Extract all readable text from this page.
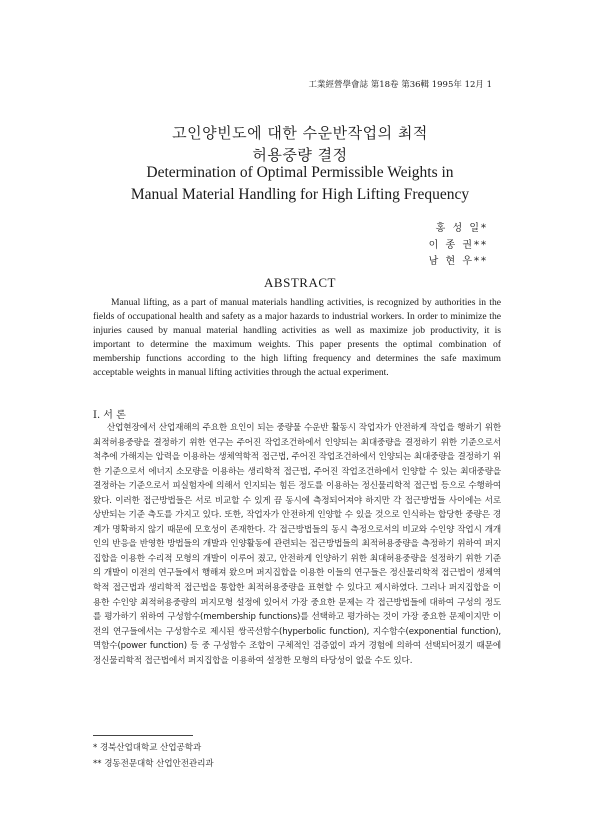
工業經營學會誌 第18卷 第36輯 1995年 12月 1
고인양빈도에 대한 수운반작업의 최적
허용중량 결정
Determination of Optimal Permissible Weights in
Manual Material Handling for High Lifting Frequency
홍 성 일*
이 종 권**
남 현 우**
ABSTRACT

Manual lifting, as a part of manual materials handling activities, is recognized by authorities in the fields of occupational health and safety as a major hazards to industrial workers. In order to minimize the injuries caused by manual material handling activities as well as maximize job productivity, it is important to determine the maximum weights. This paper presents the optimal combination of membership functions according to the high lifting frequency and determines the safe maximum acceptable weights in manual lifting activities through the actual experiment.

I. 서 론

산업현장에서 산업재해의 주요한 요인이 되는 중량물 수운반 활동시 작업자가 안전하게 작업을 행하기 위한 최적허용중량을 결정하기 위한 연구는 주어진 작업조건하에서 인양되는 최대중량을 결정하기 위한 기준으로서 척추에 가해지는 압력을 이용하는 생체역학적 접근법, 주어진 작업조건하에서 인양되는 최대중량을 결정하기 위한 기준으로서 에너지 소모량을 이용하는 생리학적 접근법, 주어진 작업조건하에서 인양할 수 있는 최대중량을 결정하는 기준으로서 피실험자에 의해서 인지되는 힘든 정도를 이용하는 정신물리학적 접근법 등으로 수행하여 왔다. 이러한 접근방법들은 서로 비교할 수 있게 끔 동시에 측정되어져야 하지만 각 접근방법들 사이에는 서로 상반되는 기준 측도를 가지고 있다. 또한, 작업자가 안전하게 인양할 수 있을 것으로 인식하는 합당한 중량은 경계가 명확하지 않기 때문에 모호성이 존재한다. 각 접근방법들의 동시 측정으로서의 비교와 수인양 작업시 개개인의 반응을 반영한 방법들의 개발과 인양활동에 관련되는 접근방법들의 최적허용중량을 측정하기 위하여 퍼지집합을 이용한 수리적 모형의 개발이 이루어 졌고, 안전하게 인양하기 위한 최대허용중량을 설정하기 위한 기준의 개발이 이전의 연구들에서 행해져 왔으며 퍼지집합을 이용한 이들의 연구들은 정신물리학적 접근법이 생체역학적 접근법과 생리학적 접근법을 통합한 최적허용중량을 표현할 수 있다고 제시하였다. 그러나 퍼지집합을 이용한 수인양 최적허용중량의 퍼지모형 설정에 있어서 가장 중요한 문제는 각 접근방법들에 대하여 구성의 정도를 평가하기 위하여 구성함수(membership functions)를 선택하고 평가하는 것이 가장 중요한 문제이지만 이전의 연구들에서는 구성함수로 제시된 쌍곡선함수(hyperbolic function), 지수함수(exponential function), 멱함수(power function) 등 중 구성함수 조합이 구체적인 검증없이 과거 경험에 의하여 선택되어졌기 때문에 정신물리학적 접근법에서 퍼지집합을 이용하여 설정한 모형의 타당성이 없을 수도 있다.

* 경북산업대학교 산업공학과
** 경동전문대학 산업안전관리과
